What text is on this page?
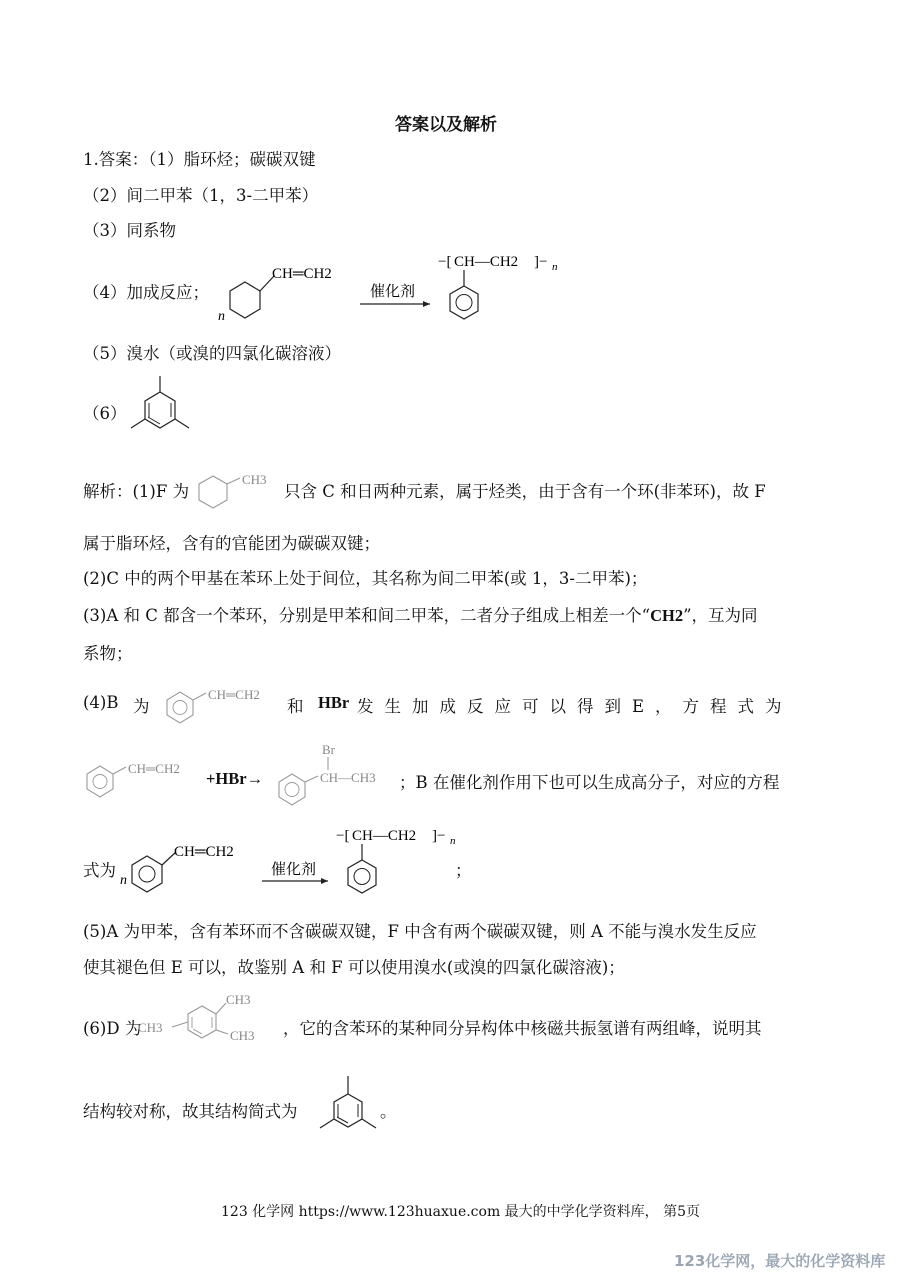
答案以及解析
1.答案：（1）脂环烃；碳碳双键
（2）间二甲苯（1，3-二甲苯）
（3）同系物
（4）加成反应；
n
CH═CH2
催化剂
−[ CH—CH2 ]− n
（5）溴水（或溴的四氯化碳溶液）
（6）
解析：(1)F 为
CH3
只含 C 和日两种元素，属于烃类，由于含有一个环(非苯环)，故 F
属于脂环烃，含有的官能团为碳碳双键；
(2)C 中的两个甲基在苯环上处于间位，其名称为间二甲苯(或 1，3-二甲苯)；
(3)A 和 C 都含一个苯环，分别是甲苯和间二甲苯，二者分子组成上相差一个“CH2”，互为同
系物；
(4)B 为
CH═CH2
和 HBr 发生加成反应可以得到E，方程式为
CH═CH2
+HBr→	CH—CH3
Br
；B 在催化剂作用下也可以生成高分子，对应的方程
式为
n
CH═CH2
催化剂
−[ CH—CH2 ]− n
；
(5)A 为甲苯，含有苯环而不含碳碳双键，F 中含有两个碳碳双键，则 A 不能与溴水发生反应
使其褪色但 E 可以，故鉴别 A 和 F 可以使用溴水(或溴的四氯化碳溶液)；
(6)D 为
CH3
CH3
CH3 ，它的含苯环的某种同分异构体中核磁共振氢谱有两组峰，说明其
结构较对称，故其结构简式为	。
123 化学网 https://www.123huaxue.com 最大的中学化学资料库， 第5页
123化学网，最大的化学资料库
